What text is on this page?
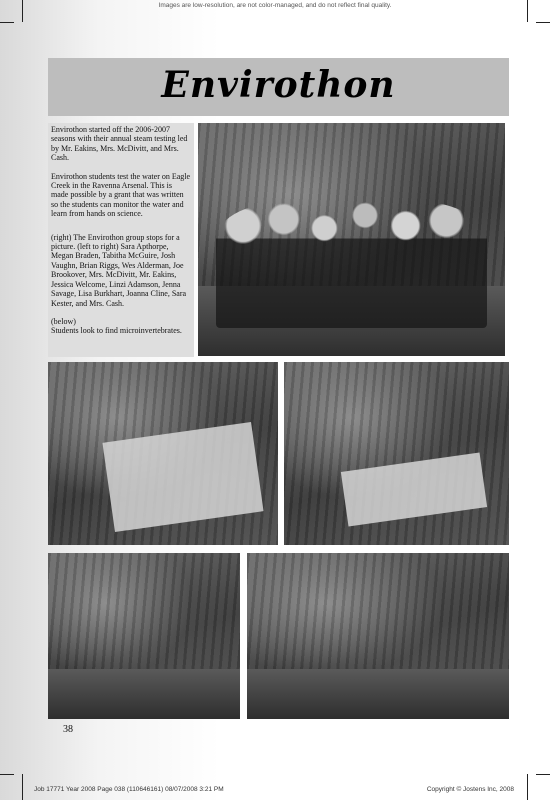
Images are low-resolution, are not color-managed, and do not reflect final quality.
Envirothon

Envirothon started off the 2006-2007 seasons with their annual steam testing led by Mr. Eakins, Mrs. McDivitt, and Mrs. Cash.

Envirothon students test the water on Eagle Creek in the Ravenna Arsenal. This is made possible by a grant that was written so the students can monitor the water and learn from hands on science.

(right) The Envirothon group stops for a picture. (left to right) Sara Apthorpe, Megan Braden, Tabitha McGuire, Josh Vaughn, Brian Riggs, Wes Alderman, Joe Brookover, Mrs. McDivitt, Mr. Eakins, Jessica Welcome, Linzi Adamson, Jenna Savage, Lisa Burkhart, Joanna Cline, Sara Kester, and Mrs. Cash.

(below)
Students look to find microinvertebrates.

38
Job 17771 Year 2008 Page 038 (110646161) 08/07/2008 3:21 PM	Copyright © Jostens Inc, 2008
